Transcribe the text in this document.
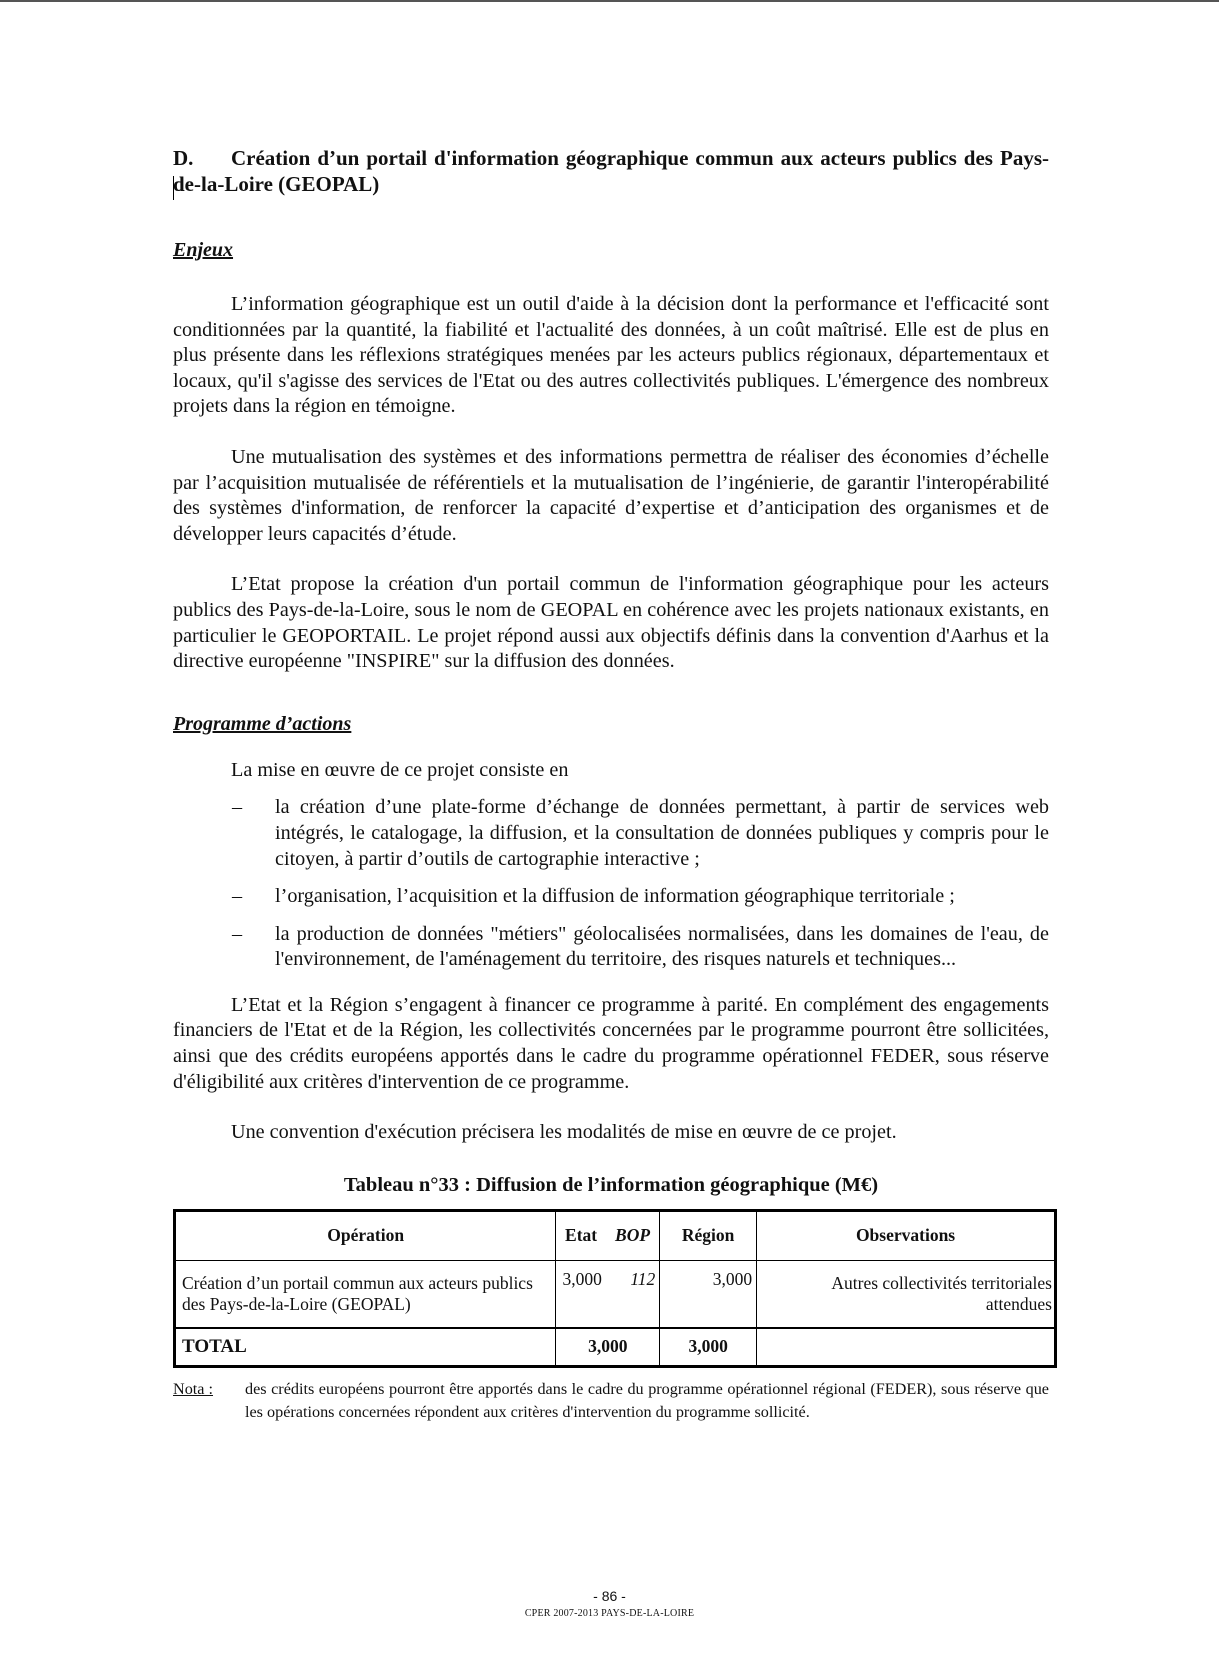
D. Création d’un portail d'information géographique commun aux acteurs publics des Pays-de-la-Loire (GEOPAL)
Enjeux

L’information géographique est un outil d'aide à la décision dont la performance et l'efficacité sont conditionnées par la quantité, la fiabilité et l'actualité des données, à un coût maîtrisé. Elle est de plus en plus présente dans les réflexions stratégiques menées par les acteurs publics régionaux, départementaux et locaux, qu'il s'agisse des services de l'Etat ou des autres collectivités publiques. L'émergence des nombreux projets dans la région en témoigne.

Une mutualisation des systèmes et des informations permettra de réaliser des économies d’échelle par l’acquisition mutualisée de référentiels et la mutualisation de l’ingénierie, de garantir l'interopérabilité des systèmes d'information, de renforcer la capacité d’expertise et d’anticipation des organismes et de développer leurs capacités d’étude.

L’Etat propose la création d'un portail commun de l'information géographique pour les acteurs publics des Pays-de-la-Loire, sous le nom de GEOPAL en cohérence avec les projets nationaux existants, en particulier le GEOPORTAIL. Le projet répond aussi aux objectifs définis dans la convention d'Aarhus et la directive européenne "INSPIRE" sur la diffusion des données.

Programme d’actions

La mise en œuvre de ce projet consiste en

– la création d’une plate-forme d’échange de données permettant, à partir de services web intégrés, le catalogage, la diffusion, et la consultation de données publiques y compris pour le citoyen, à partir d’outils de cartographie interactive ;
– l’organisation, l’acquisition et la diffusion de information géographique territoriale ;
– la production de données "métiers" géolocalisées normalisées, dans les domaines de l'eau, de l'environnement, de l'aménagement du territoire, des risques naturels et techniques...

L’Etat et la Région s’engagent à financer ce programme à parité. En complément des engagements financiers de l'Etat et de la Région, les collectivités concernées par le programme pourront être sollicitées, ainsi que des crédits européens apportés dans le cadre du programme opérationnel FEDER, sous réserve d'éligibilité aux critères d'intervention de ce programme.

Une convention d'exécution précisera les modalités de mise en œuvre de ce projet.

Tableau n°33 : Diffusion de l’information géographique (M€)
Opération	Etat	BOP	Région	Observations
Création d’un portail commun aux acteurs publics des Pays-de-la-Loire (GEOPAL)	3,000	112	3,000	Autres collectivités territoriales attendues
TOTAL	3,000		3,000	
Nota : des crédits européens pourront être apportés dans le cadre du programme opérationnel régional (FEDER), sous réserve que les opérations concernées répondent aux critères d'intervention du programme sollicité.
- 86 -
CPER 2007-2013 PAYS-DE-LA-LOIRE
